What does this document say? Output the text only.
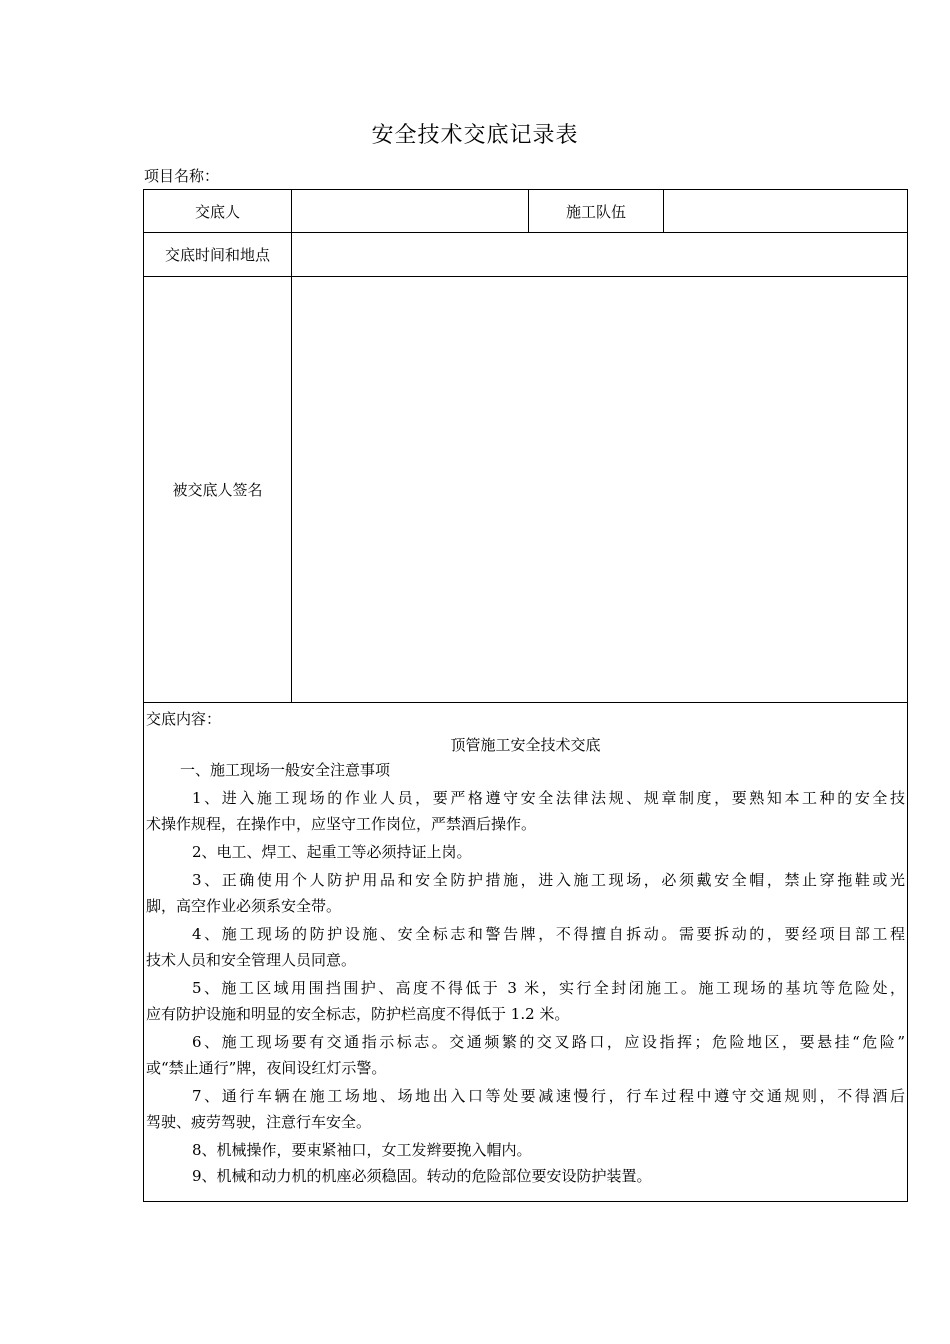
安全技术交底记录表
项目名称：
交底人	施工队伍
交底时间和地点
被交底人签名
交底内容：
顶管施工安全技术交底
一、施工现场一般安全注意事项
1、进入施工现场的作业人员，要严格遵守安全法律法规、规章制度，要熟知本工种的安全技
术操作规程，在操作中，应坚守工作岗位，严禁酒后操作。
2、电工、焊工、起重工等必须持证上岗。
3、正确使用个人防护用品和安全防护措施，进入施工现场，必须戴安全帽，禁止穿拖鞋或光
脚，高空作业必须系安全带。
4、施工现场的防护设施、安全标志和警告牌，不得擅自拆动。需要拆动的，要经项目部工程
技术人员和安全管理人员同意。
5、施工区域用围挡围护、高度不得低于 3 米，实行全封闭施工。施工现场的基坑等危险处，
应有防护设施和明显的安全标志，防护栏高度不得低于 1.2 米。
6、施工现场要有交通指示标志。交通频繁的交叉路口，应设指挥；危险地区，要悬挂“危险”
或“禁止通行”牌，夜间设红灯示警。
7、通行车辆在施工场地、场地出入口等处要减速慢行，行车过程中遵守交通规则，不得酒后
驾驶、疲劳驾驶，注意行车安全。
8、机械操作，要束紧袖口，女工发辫要挽入帽内。
9、机械和动力机的机座必须稳固。转动的危险部位要安设防护装置。
